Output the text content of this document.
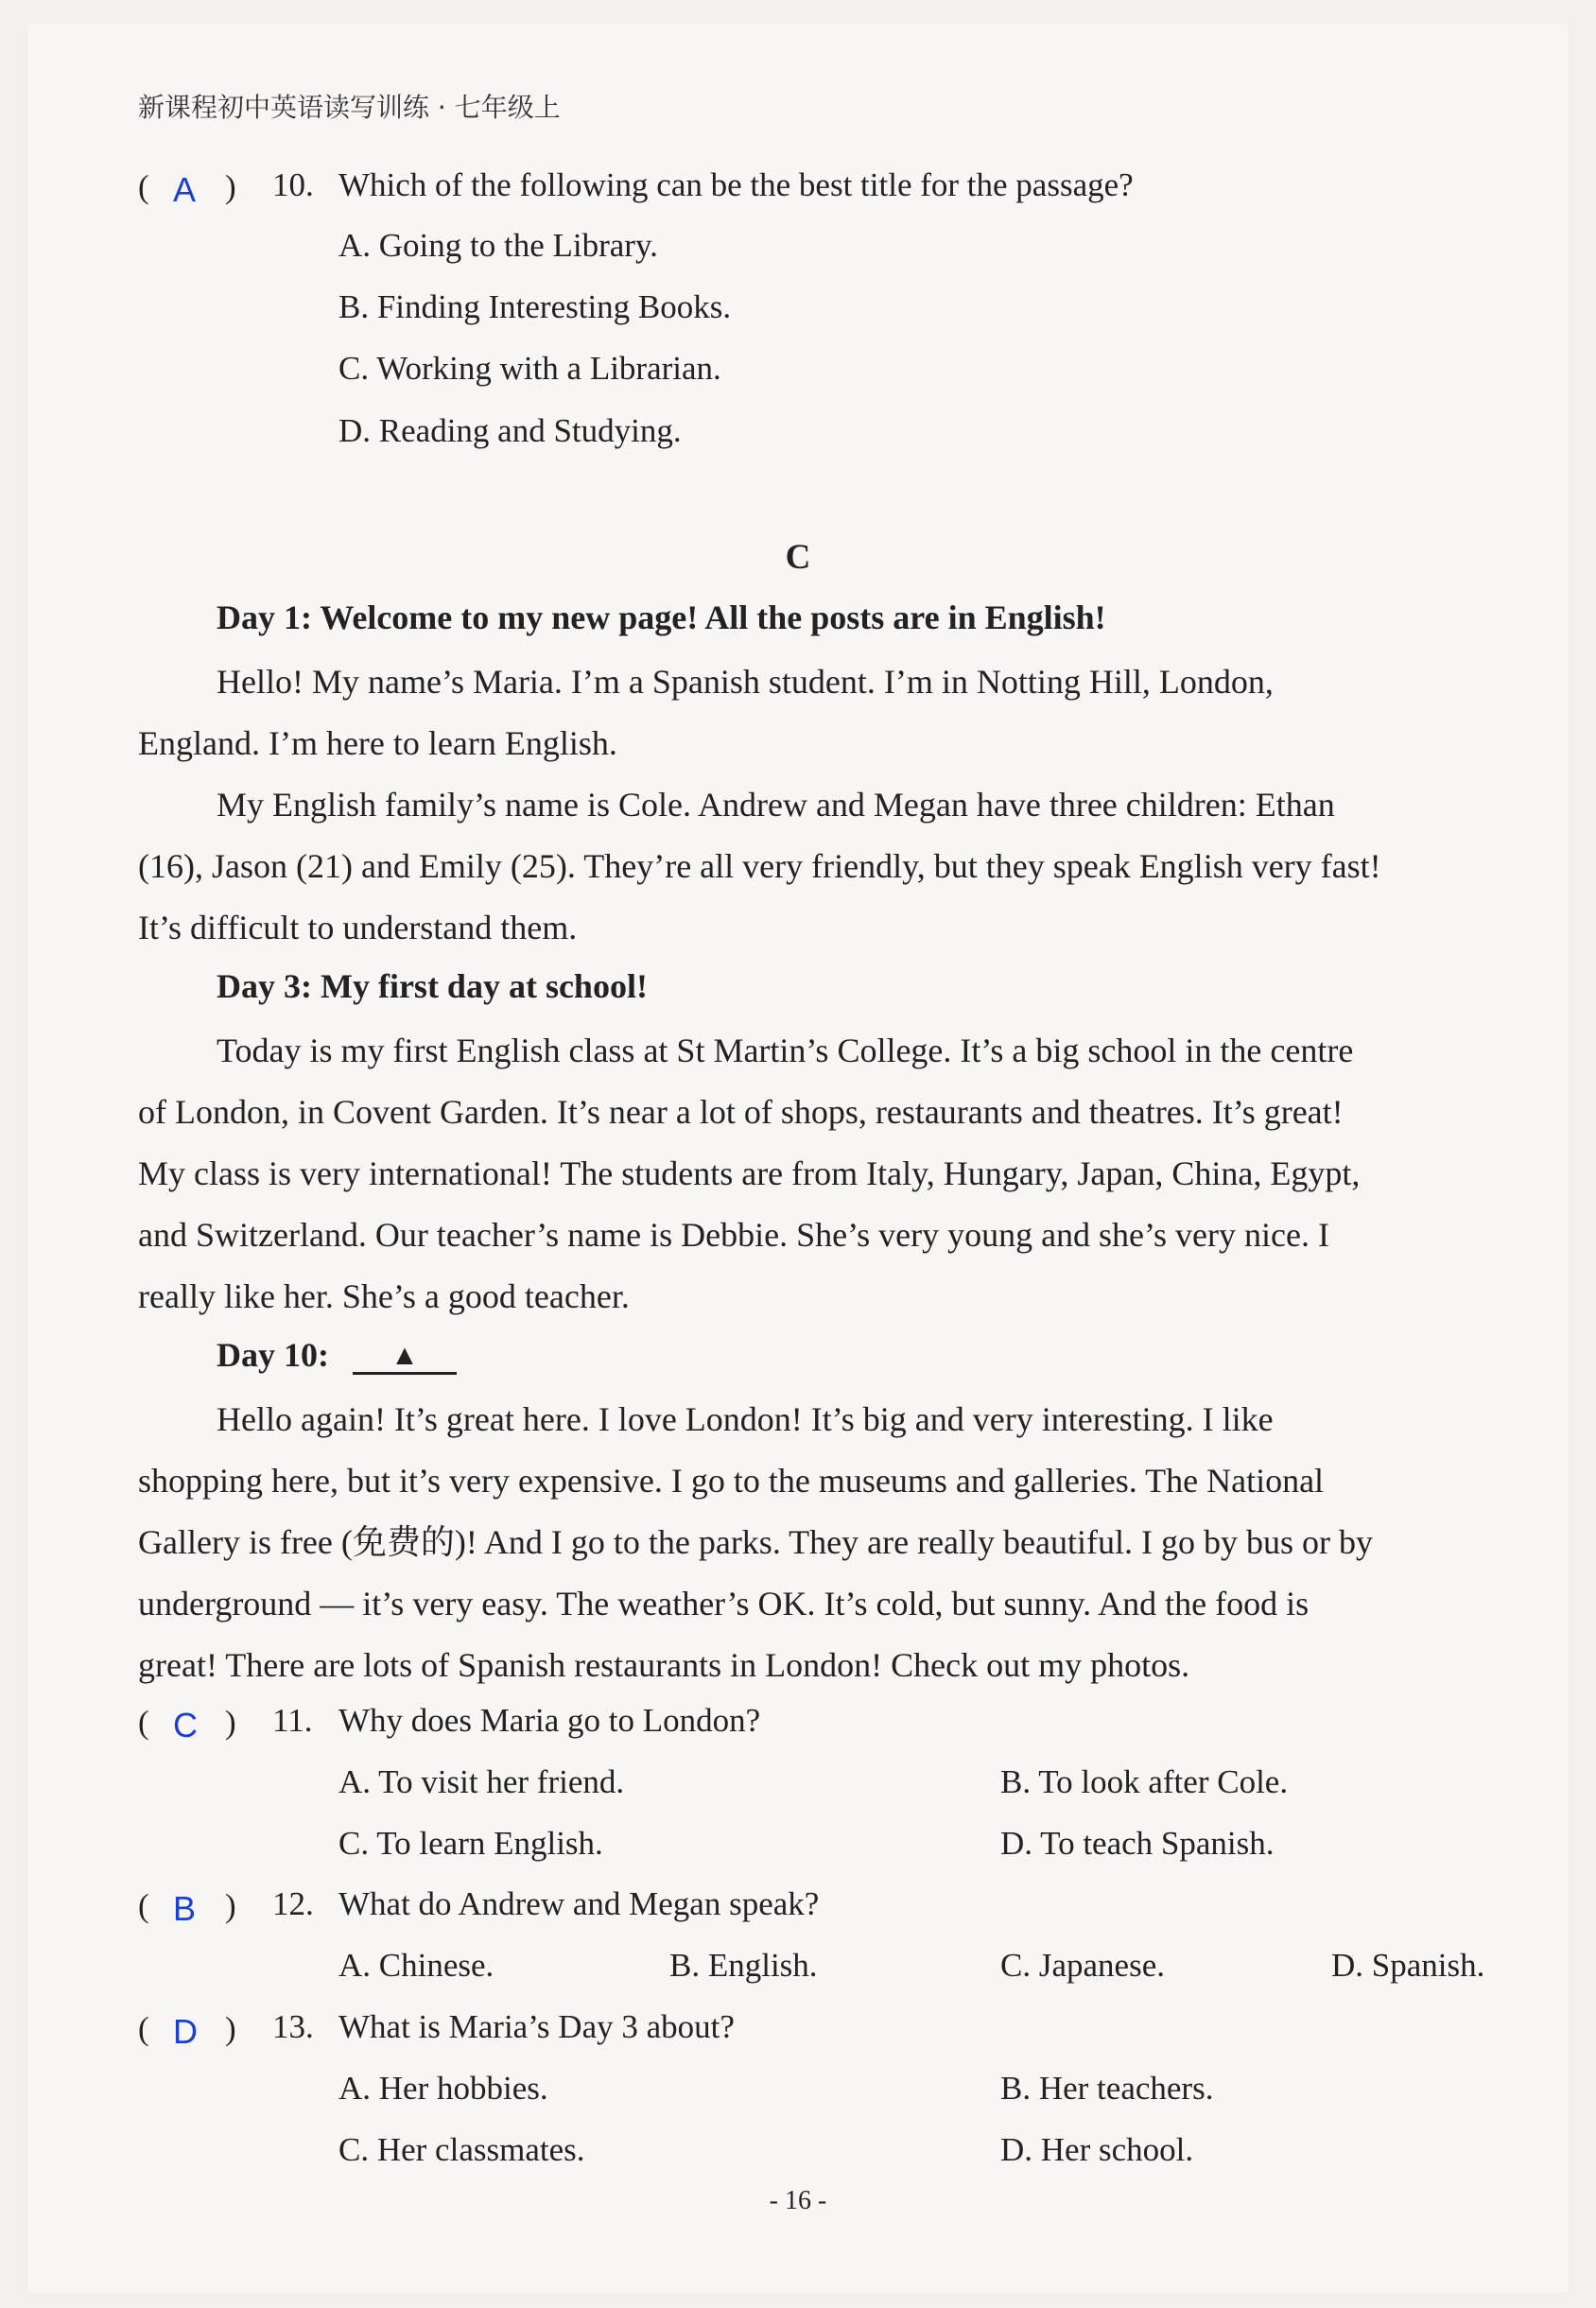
新课程初中英语读写训练 · 七年级上
( A ) 10. Which of the following can be the best title for the passage?
A. Going to the Library.
B. Finding Interesting Books.
C. Working with a Librarian.
D. Reading and Studying.
C
Day 1: Welcome to my new page! All the posts are in English!

Hello! My name’s Maria. I’m a Spanish student. I’m in Notting Hill, London,

England. I’m here to learn English.

My English family’s name is Cole. Andrew and Megan have three children: Ethan

(16), Jason (21) and Emily (25). They’re all very friendly, but they speak English very fast!

It’s difficult to understand them.

Day 3: My first day at school!

Today is my first English class at St Martin’s College. It’s a big school in the centre

of London, in Covent Garden. It’s near a lot of shops, restaurants and theatres. It’s great!

My class is very international! The students are from Italy, Hungary, Japan, China, Egypt,

and Switzerland. Our teacher’s name is Debbie. She’s very young and she’s very nice. I

really like her. She’s a good teacher.

Day 10: ▲

Hello again! It’s great here. I love London! It’s big and very interesting. I like

shopping here, but it’s very expensive. I go to the museums and galleries. The National

Gallery is free (免费的)! And I go to the parks. They are really beautiful. I go by bus or by

underground — it’s very easy. The weather’s OK. It’s cold, but sunny. And the food is

great! There are lots of Spanish restaurants in London! Check out my photos.

( C ) 11. Why does Maria go to London?
A. To visit her friend.	B. To look after Cole.
C. To learn English.	D. To teach Spanish.
( B ) 12. What do Andrew and Megan speak?
A. Chinese.	B. English.	C. Japanese.	D. Spanish.
( D ) 13. What is Maria’s Day 3 about?
A. Her hobbies.	B. Her teachers.
C. Her classmates.	D. Her school.
- 16 -
